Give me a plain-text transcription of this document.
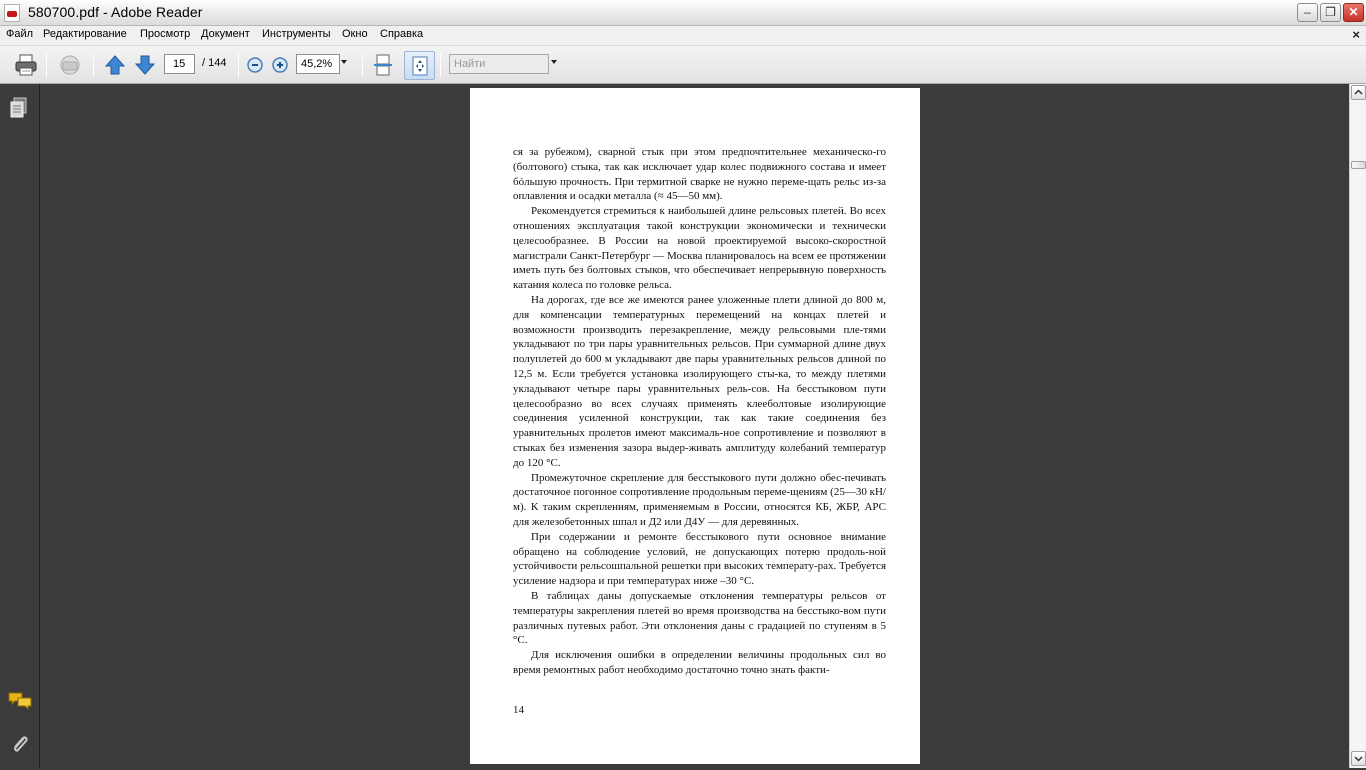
580700.pdf - Adobe Reader	–	❐	✕
Файл Редактирование Просмотр Документ Инструменты Окно Справка	×
15	/ 144	45,2%	Найти

ся за рубежом), сварной стык при этом предпочтительнее механическо-го (болтового) стыка, так как исключает удар колес подвижного состава и имеет бóльшую прочность. При термитной сварке не нужно переме-щать рельс из-за оплавления и осадки металла (≈ 45—50 мм).

Рекомендуется стремиться к наибольшей длине рельсовых плетей. Во всех отношениях эксплуатация такой конструкции экономически и технически целесообразнее. В России на новой проектируемой высоко-скоростной магистрали Санкт-Петербург — Москва планировалось на всем ее протяжении иметь путь без болтовых стыков, что обеспечивает непрерывную поверхность катания колеса по головке рельса.

На дорогах, где все же имеются ранее уложенные плети длиной до 800 м, для компенсации температурных перемещений на концах плетей и возможности производить перезакрепление, между рельсовыми пле-тями укладывают по три пары уравнительных рельсов. При суммарной длине двух полуплетей до 600 м укладывают две пары уравнительных рельсов длиной по 12,5 м. Если требуется установка изолирующего сты-ка, то между плетями укладывают четыре пары уравнительных рель-сов. На бесстыковом пути целесообразно во всех случаях применять клееболтовые изолирующие соединения усиленной конструкции, так как такие соединения без уравнительных пролетов имеют максималь-ное сопротивление и позволяют в стыках без изменения зазора выдер-живать амплитуду колебаний температур до 120 °С.

Промежуточное скрепление для бесстыкового пути должно обес-печивать достаточное погонное сопротивление продольным переме-щениям (25—30 кН/м). К таким скреплениям, применяемым в России, относятся КБ, ЖБР, АРС для железобетонных шпал и Д2 или Д4У — для деревянных.

При содержании и ремонте бесстыкового пути основное внимание обращено на соблюдение условий, не допускающих потерю продоль-ной устойчивости рельсошпальной решетки при высоких температу-рах. Требуется усиление надзора и при температурах ниже –30 °С.

В таблицах даны допускаемые отклонения температуры рельсов от температуры закрепления плетей во время производства на бесстыко-вом пути различных путевых работ. Эти отклонения даны с градацией по ступеням в 5 °С.

Для исключения ошибки в определении величины продольных сил во время ремонтных работ необходимо достаточно точно знать факти-

14
